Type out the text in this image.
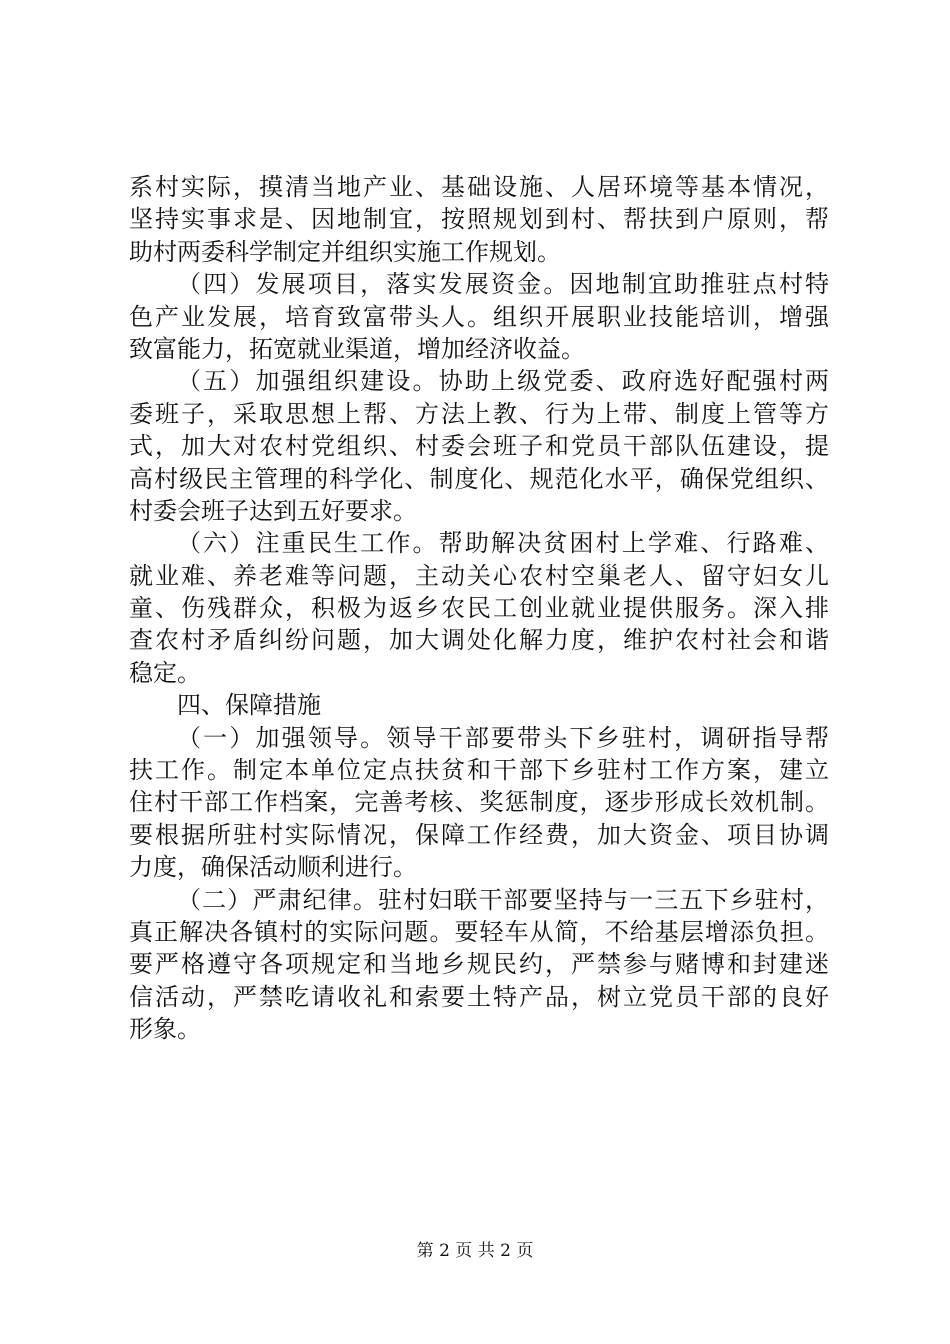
系村实际，摸清当地产业、基础设施、人居环境等基本情况，
坚持实事求是、因地制宜，按照规划到村、帮扶到户原则，帮
助村两委科学制定并组织实施工作规划。
（四）发展项目，落实发展资金。因地制宜助推驻点村特
色产业发展，培育致富带头人。组织开展职业技能培训，增强
致富能力，拓宽就业渠道，增加经济收益。
（五）加强组织建设。协助上级党委、政府选好配强村两
委班子，采取思想上帮、方法上教、行为上带、制度上管等方
式，加大对农村党组织、村委会班子和党员干部队伍建设，提
高村级民主管理的科学化、制度化、规范化水平，确保党组织、
村委会班子达到五好要求。
（六）注重民生工作。帮助解决贫困村上学难、行路难、
就业难、养老难等问题，主动关心农村空巢老人、留守妇女儿
童、伤残群众，积极为返乡农民工创业就业提供服务。深入排
查农村矛盾纠纷问题，加大调处化解力度，维护农村社会和谐
稳定。
四、保障措施
（一）加强领导。领导干部要带头下乡驻村，调研指导帮
扶工作。制定本单位定点扶贫和干部下乡驻村工作方案，建立
住村干部工作档案，完善考核、奖惩制度，逐步形成长效机制。
要根据所驻村实际情况，保障工作经费，加大资金、项目协调
力度，确保活动顺利进行。
（二）严肃纪律。驻村妇联干部要坚持与一三五下乡驻村，
真正解决各镇村的实际问题。要轻车从简，不给基层增添负担。
要严格遵守各项规定和当地乡规民约，严禁参与赌博和封建迷
信活动，严禁吃请收礼和索要土特产品，树立党员干部的良好
形象。
第 2 页 共 2 页
